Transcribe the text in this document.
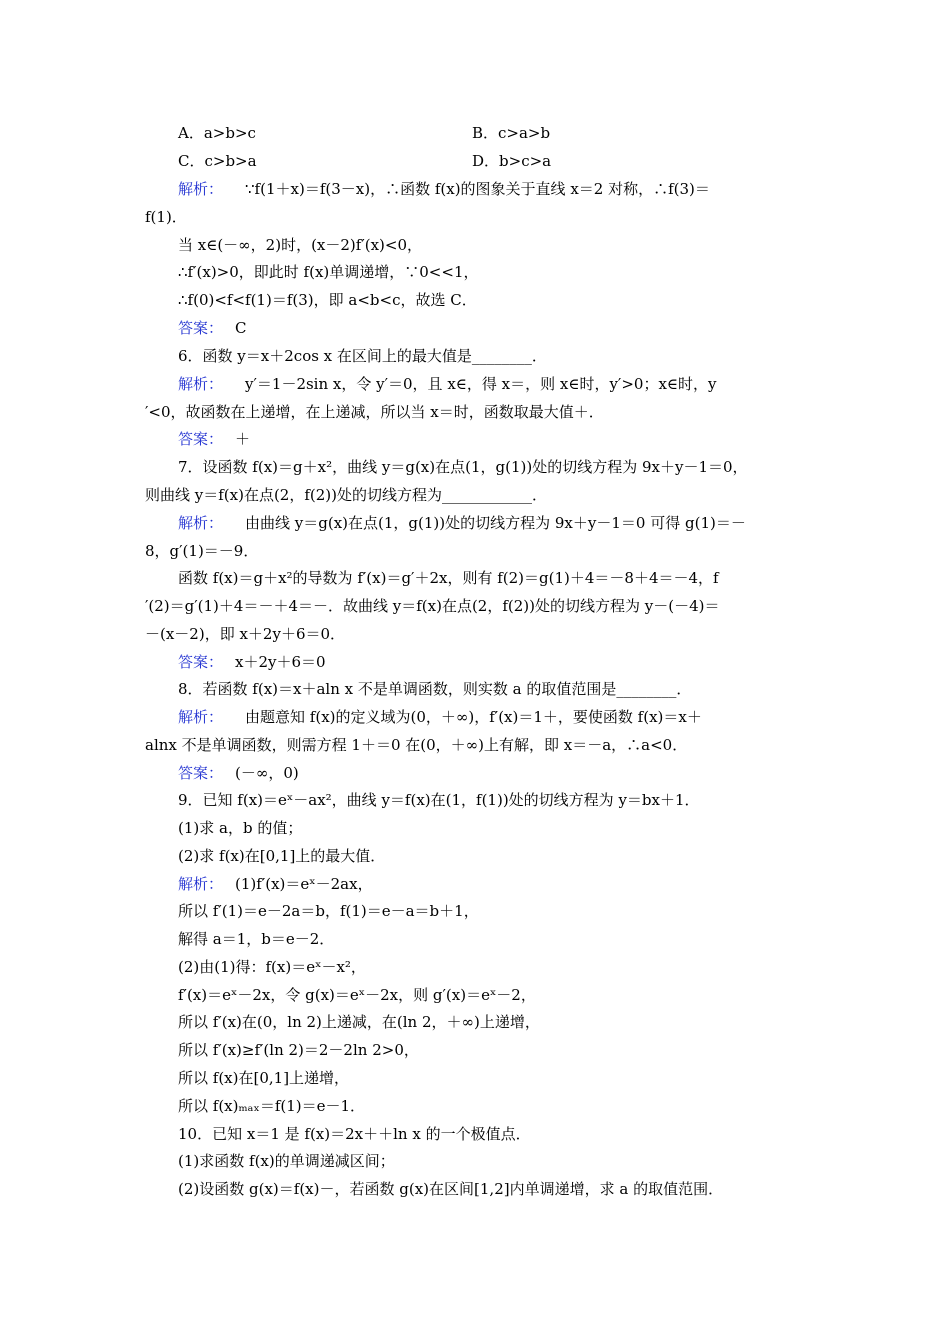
A．a>b>c	B．c>a>b
C．c>b>a	D．b>c>a
解析： ∵f(1＋x)＝f(3－x)，∴函数 f(x)的图象关于直线 x＝2 对称，∴f(3)＝
f(1)．
当 x∈(－∞，2)时，(x－2)f′(x)<0，
∴f′(x)>0，即此时 f(x)单调递增，∵0<<1，
∴f(0)<f<f(1)＝f(3)，即 a<b<c，故选 C．
答案： C
6．函数 y＝x＋2cos x 在区间上的最大值是________．
解析： y′＝1－2sin x，令 y′＝0，且 x∈，得 x＝，则 x∈时，y′>0；x∈时，y
′<0，故函数在上递增，在上递减，所以当 x＝时，函数取最大值＋．
答案： ＋
7．设函数 f(x)＝g＋x²，曲线 y＝g(x)在点(1，g(1))处的切线方程为 9x＋y－1＝0，
则曲线 y＝f(x)在点(2，f(2))处的切线方程为____________．
解析： 由曲线 y＝g(x)在点(1，g(1))处的切线方程为 9x＋y－1＝0 可得 g(1)＝－
8，g′(1)＝－9．
函数 f(x)＝g＋x²的导数为 f′(x)＝g′＋2x，则有 f(2)＝g(1)＋4＝－8＋4＝－4，f
′(2)＝g′(1)＋4＝－＋4＝－．故曲线 y＝f(x)在点(2，f(2))处的切线方程为 y－(－4)＝
－(x－2)，即 x＋2y＋6＝0．
答案： x＋2y＋6＝0
8．若函数 f(x)＝x＋aln x 不是单调函数，则实数 a 的取值范围是________．
解析： 由题意知 f(x)的定义域为(0，＋∞)，f′(x)＝1＋，要使函数 f(x)＝x＋
alnx 不是单调函数，则需方程 1＋＝0 在(0，＋∞)上有解，即 x＝－a，∴a<0．
答案： (－∞，0)
9．已知 f(x)＝eˣ－ax²，曲线 y＝f(x)在(1，f(1))处的切线方程为 y＝bx＋1．
(1)求 a，b 的值；
(2)求 f(x)在[0,1]上的最大值．
解析： (1)f′(x)＝eˣ－2ax，
所以 f′(1)＝e－2a＝b，f(1)＝e－a＝b＋1，
解得 a＝1，b＝e－2．
(2)由(1)得：f(x)＝eˣ－x²，
f′(x)＝eˣ－2x，令 g(x)＝eˣ－2x，则 g′(x)＝eˣ－2，
所以 f′(x)在(0，ln 2)上递减，在(ln 2，＋∞)上递增，
所以 f′(x)≥f′(ln 2)＝2－2ln 2>0，
所以 f(x)在[0,1]上递增，
所以 f(x)ₘₐₓ＝f(1)＝e－1．
10．已知 x＝1 是 f(x)＝2x＋＋ln x 的一个极值点．
(1)求函数 f(x)的单调递减区间；
(2)设函数 g(x)＝f(x)－，若函数 g(x)在区间[1,2]内单调递增，求 a 的取值范围．
